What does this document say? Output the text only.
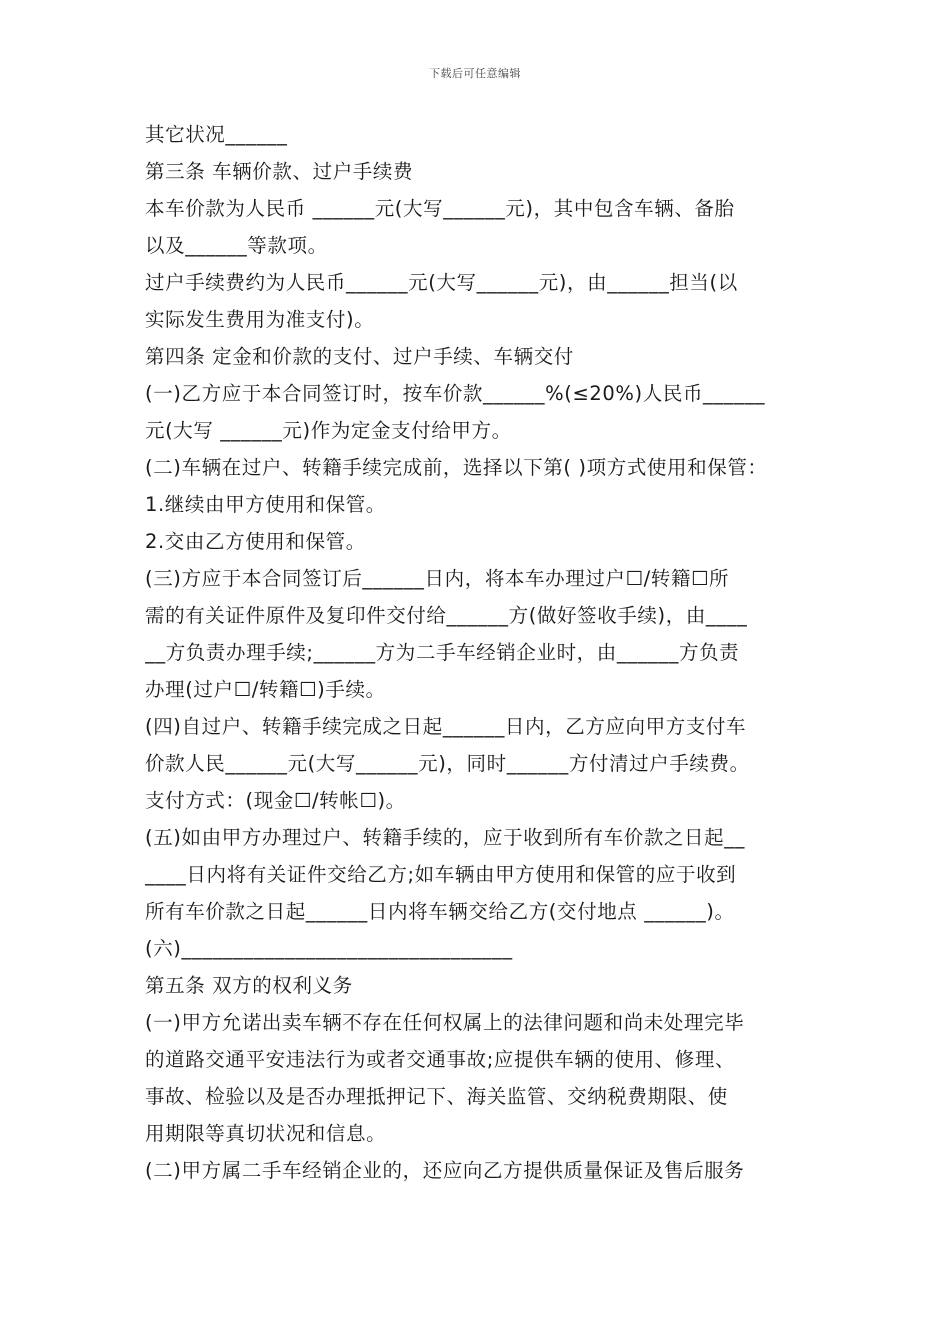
下载后可任意编辑
其它状况______
第三条 车辆价款、过户手续费
本车价款为人民币 ______元(大写______元)，其中包含车辆、备胎
以及______等款项。
过户手续费约为人民币______元(大写______元)，由______担当(以
实际发生费用为准支付)。
第四条 定金和价款的支付、过户手续、车辆交付
(一)乙方应于本合同签订时，按车价款______%(≤20%)人民币______
元(大写 ______元)作为定金支付给甲方。
(二)车辆在过户、转籍手续完成前，选择以下第( )项方式使用和保管：
1.继续由甲方使用和保管。
2.交由乙方使用和保管。
(三)方应于本合同签订后______日内，将本车办理过户☐/转籍☐所
需的有关证件原件及复印件交付给______方(做好签收手续)，由____
__方负责办理手续;______方为二手车经销企业时，由______方负责
办理(过户☐/转籍☐)手续。
(四)自过户、转籍手续完成之日起______日内，乙方应向甲方支付车
价款人民______元(大写______元)，同时______方付清过户手续费。
支付方式：(现金☐/转帐☐)。
(五)如由甲方办理过户、转籍手续的，应于收到所有车价款之日起__
____日内将有关证件交给乙方;如车辆由甲方使用和保管的应于收到
所有车价款之日起______日内将车辆交给乙方(交付地点 ______)。
(六)________________________________
第五条 双方的权利义务
(一)甲方允诺出卖车辆不存在任何权属上的法律问题和尚未处理完毕
的道路交通平安违法行为或者交通事故;应提供车辆的使用、修理、
事故、检验以及是否办理抵押记下、海关监管、交纳税费期限、使
用期限等真切状况和信息。
(二)甲方属二手车经销企业的，还应向乙方提供质量保证及售后服务
